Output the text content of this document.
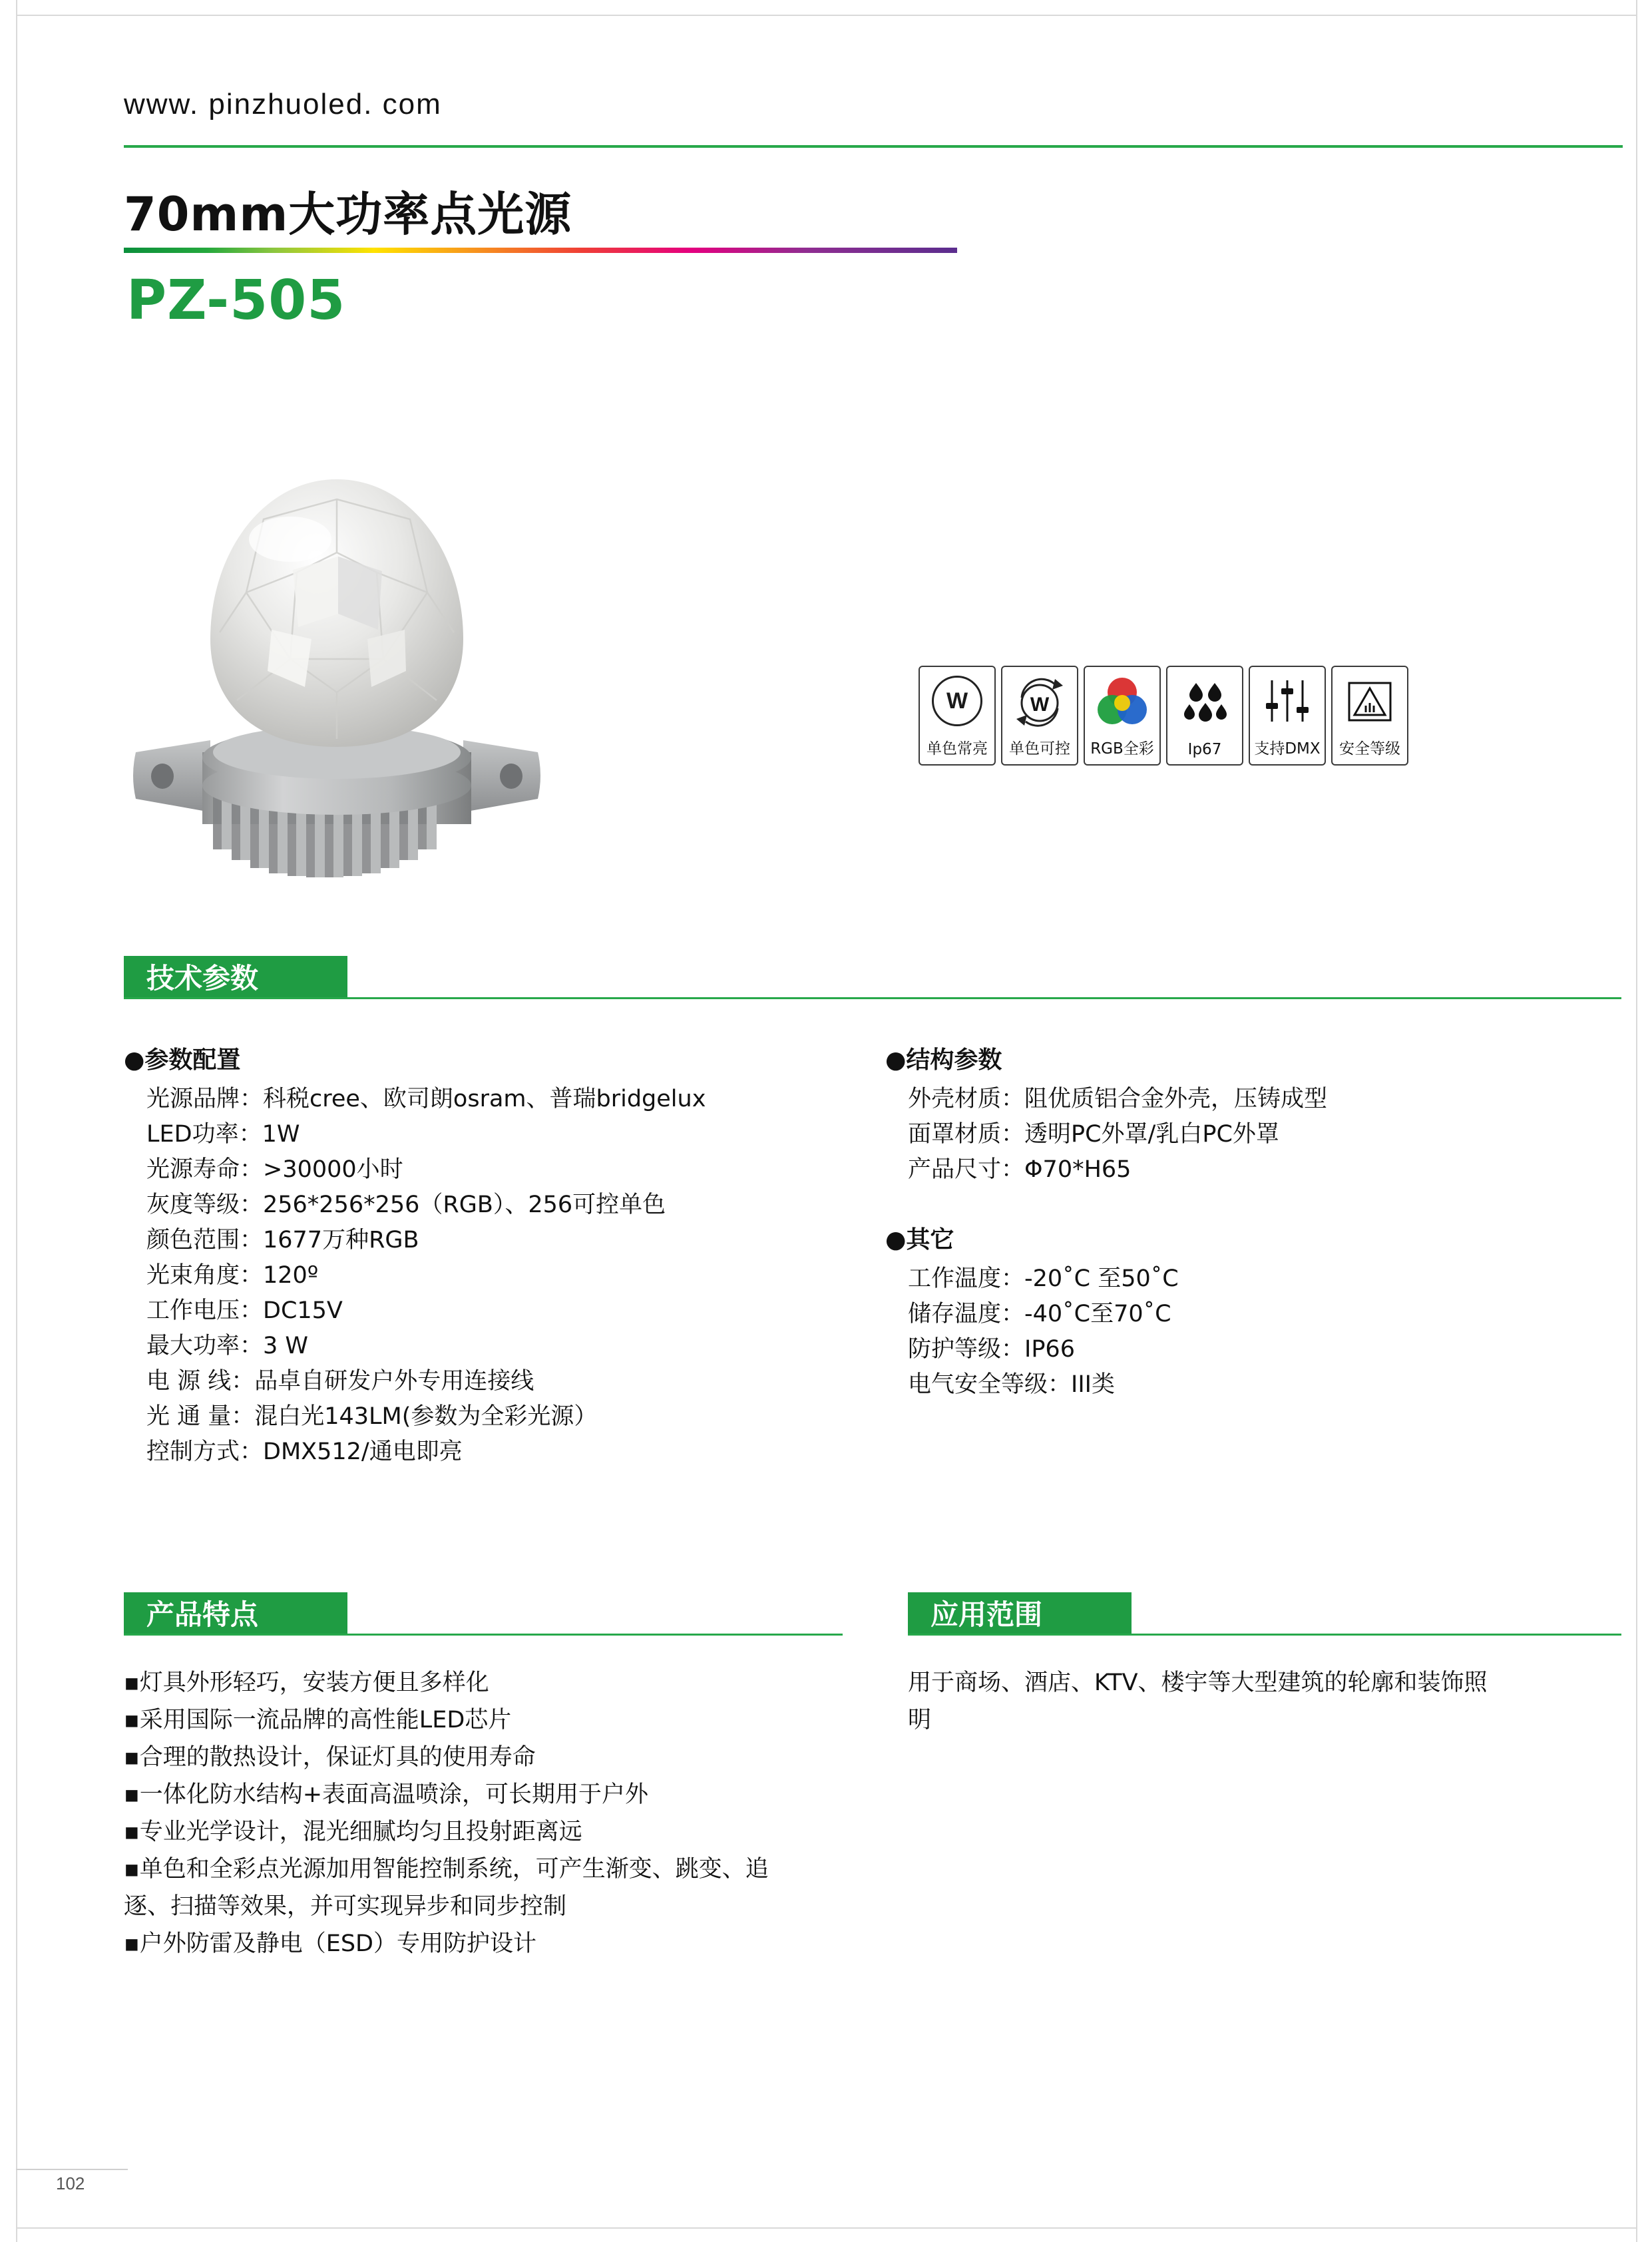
www. pinzhuoled. com
70mm大功率点光源
PZ-505
W
单色常亮
W
单色可控 RGB全彩 Ip67 支持DMX 安全等级
技术参数
●参数配置
光源品牌：科税cree、欧司朗osram、普瑞bridgelux
LED功率：1W
光源寿命：>30000小时
灰度等级：256*256*256（RGB）、256可控单色
颜色范围：1677万种RGB
光束角度：120º
工作电压：DC15V
最大功率：3 W
电 源 线：品卓自研发户外专用连接线
光 通 量：混白光143LM(参数为全彩光源）
控制方式：DMX512/通电即亮
●结构参数
外壳材质：阻优质铝合金外壳，压铸成型
面罩材质：透明PC外罩/乳白PC外罩
产品尺寸：Φ70*H65

●其它
工作温度：-20˚C 至50˚C
储存温度：-40˚C至70˚C
防护等级：IP66
电气安全等级：III类
产品特点
▪灯具外形轻巧，安装方便且多样化
▪采用国际一流品牌的高性能LED芯片
▪合理的散热设计，保证灯具的使用寿命
▪一体化防水结构+表面高温喷涂，可长期用于户外
▪专业光学设计，混光细腻均匀且投射距离远
▪单色和全彩点光源加用智能控制系统，可产生渐变、跳变、追逐、扫描等效果，并可实现异步和同步控制
▪户外防雷及静电（ESD）专用防护设计
应用范围
用于商场、酒店、KTV、楼宇等大型建筑的轮廓和装饰照明
102
